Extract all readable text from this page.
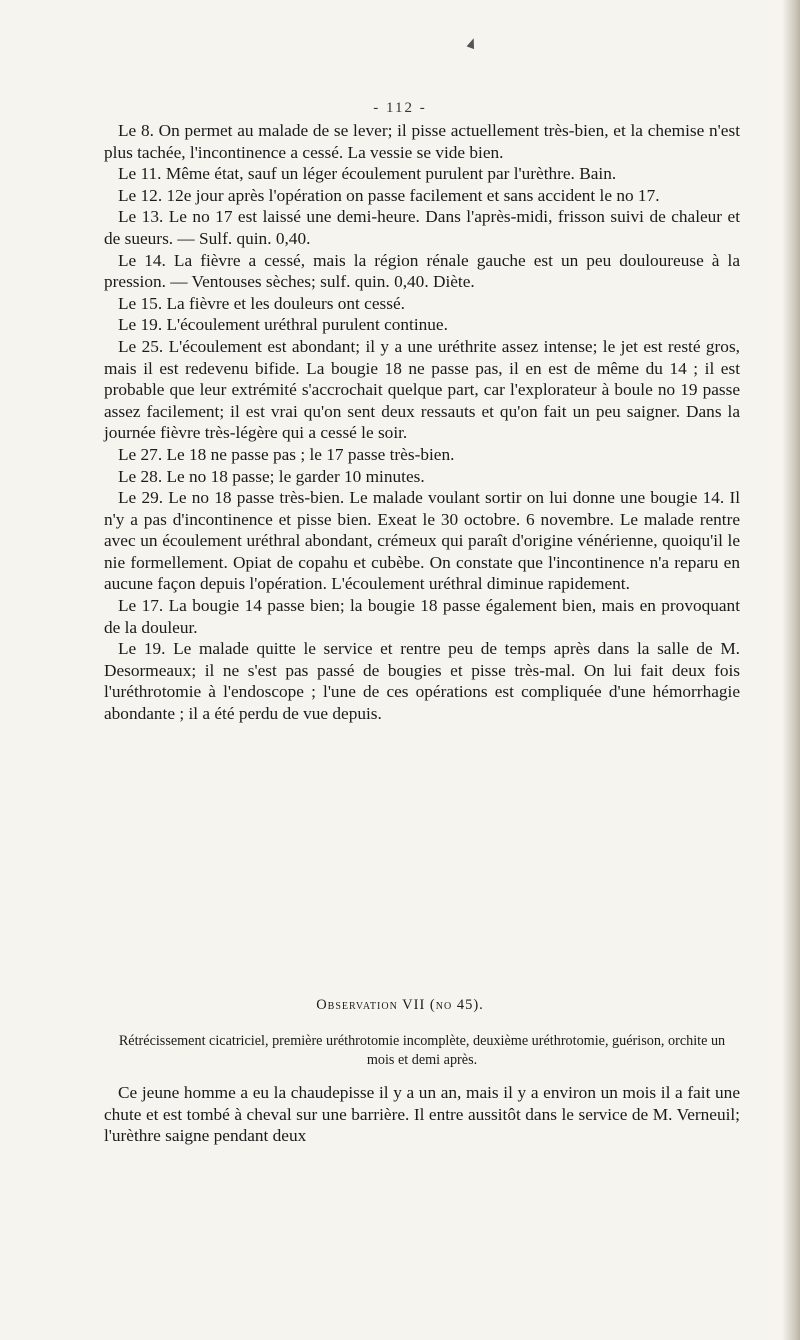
- 112 -

Le 8. On permet au malade de se lever; il pisse actuellement très-bien, et la chemise n'est plus tachée, l'incontinence a cessé. La vessie se vide bien.

Le 11. Même état, sauf un léger écoulement purulent par l'urèthre. Bain.

Le 12. 12e jour après l'opération on passe facilement et sans accident le no 17.

Le 13. Le no 17 est laissé une demi-heure. Dans l'après-midi, frisson suivi de chaleur et de sueurs. — Sulf. quin. 0,40.

Le 14. La fièvre a cessé, mais la région rénale gauche est un peu douloureuse à la pression. — Ventouses sèches; sulf. quin. 0,40. Diète.

Le 15. La fièvre et les douleurs ont cessé.

Le 19. L'écoulement uréthral purulent continue.

Le 25. L'écoulement est abondant; il y a une uréthrite assez intense; le jet est resté gros, mais il est redevenu bifide. La bougie 18 ne passe pas, il en est de même du 14 ; il est probable que leur extrémité s'accrochait quelque part, car l'explorateur à boule no 19 passe assez facilement; il est vrai qu'on sent deux ressauts et qu'on fait un peu saigner. Dans la journée fièvre très-légère qui a cessé le soir.

Le 27. Le 18 ne passe pas ; le 17 passe très-bien.

Le 28. Le no 18 passe; le garder 10 minutes.

Le 29. Le no 18 passe très-bien. Le malade voulant sortir on lui donne une bougie 14. Il n'y a pas d'incontinence et pisse bien. Exeat le 30 octobre. 6 novembre. Le malade rentre avec un écoulement uréthral abondant, crémeux qui paraît d'origine vénérienne, quoiqu'il le nie formellement. Opiat de copahu et cubèbe. On constate que l'incontinence n'a reparu en aucune façon depuis l'opération. L'écoulement uréthral diminue rapidement.

Le 17. La bougie 14 passe bien; la bougie 18 passe également bien, mais en provoquant de la douleur.

Le 19. Le malade quitte le service et rentre peu de temps après dans la salle de M. Desormeaux; il ne s'est pas passé de bougies et pisse très-mal. On lui fait deux fois l'uréthrotomie à l'endoscope ; l'une de ces opérations est compliquée d'une hémorrhagie abondante ; il a été perdu de vue depuis.

Observation VII (no 45).
Rétrécissement cicatriciel, première uréthrotomie incomplète, deuxième uréthrotomie, guérison, orchite un mois et demi après.

Ce jeune homme a eu la chaudepisse il y a un an, mais il y a environ un mois il a fait une chute et est tombé à cheval sur une barrière. Il entre aussitôt dans le service de M. Verneuil; l'urèthre saigne pendant deux
